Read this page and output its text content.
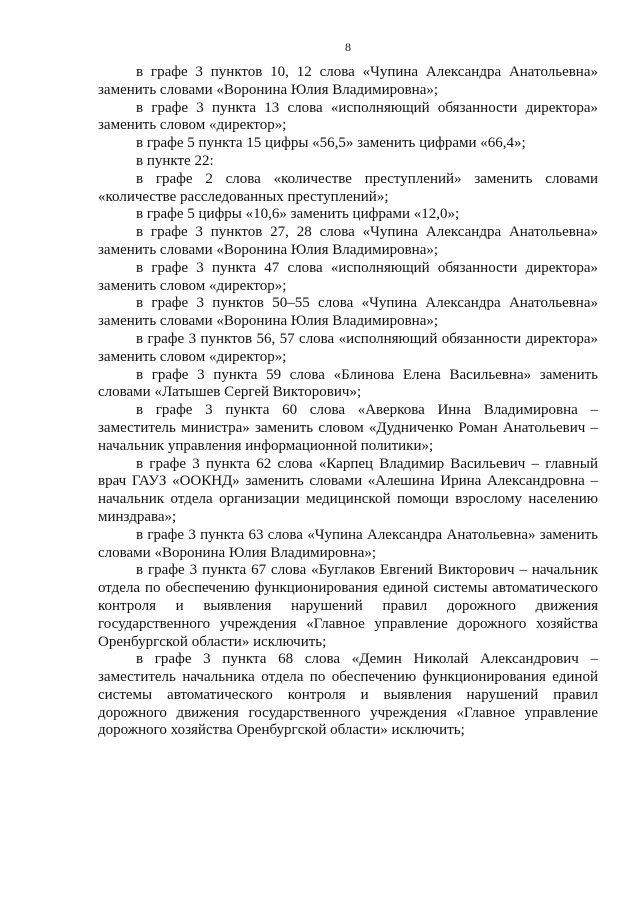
8

в графе 3 пунктов 10, 12 слова «Чупина Александра Анатольевна» заменить словами «Воронина Юлия Владимировна»;

в графе 3 пункта 13 слова «исполняющий обязанности директора» заменить словом «директор»;

в графе 5 пункта 15 цифры «56,5» заменить цифрами «66,4»;

в пункте 22:

в графе 2 слова «количестве преступлений» заменить словами «количестве расследованных преступлений»;

в графе 5 цифры «10,6» заменить цифрами «12,0»;

в графе 3 пунктов 27, 28 слова «Чупина Александра Анатольевна» заменить словами «Воронина Юлия Владимировна»;

в графе 3 пункта 47 слова «исполняющий обязанности директора» заменить словом «директор»;

в графе 3 пунктов 50–55 слова «Чупина Александра Анатольевна» заменить словами «Воронина Юлия Владимировна»;

в графе 3 пунктов 56, 57 слова «исполняющий обязанности директора» заменить словом «директор»;

в графе 3 пункта 59 слова «Блинова Елена Васильевна» заменить словами «Латышев Сергей Викторович»;

в графе 3 пункта 60 слова «Аверкова Инна Владимировна – заместитель министра» заменить словом «Дудниченко Роман Анатольевич – начальник управления информационной политики»;

в графе 3 пункта 62 слова «Карпец Владимир Васильевич – главный врач ГАУЗ «ООКНД» заменить словами «Алешина Ирина Александровна – начальник отдела организации медицинской помощи взрослому населению минздрава»;

в графе 3 пункта 63 слова «Чупина Александра Анатольевна» заменить словами «Воронина Юлия Владимировна»;

в графе 3 пункта 67 слова «Буглаков Евгений Викторович – начальник отдела по обеспечению функционирования единой системы автоматического контроля и выявления нарушений правил дорожного движения государственного учреждения «Главное управление дорожного хозяйства Оренбургской области» исключить;

в графе 3 пункта 68 слова «Демин Николай Александрович – заместитель начальника отдела по обеспечению функционирования единой системы автоматического контроля и выявления нарушений правил дорожного движения государственного учреждения «Главное управление дорожного хозяйства Оренбургской области» исключить;
